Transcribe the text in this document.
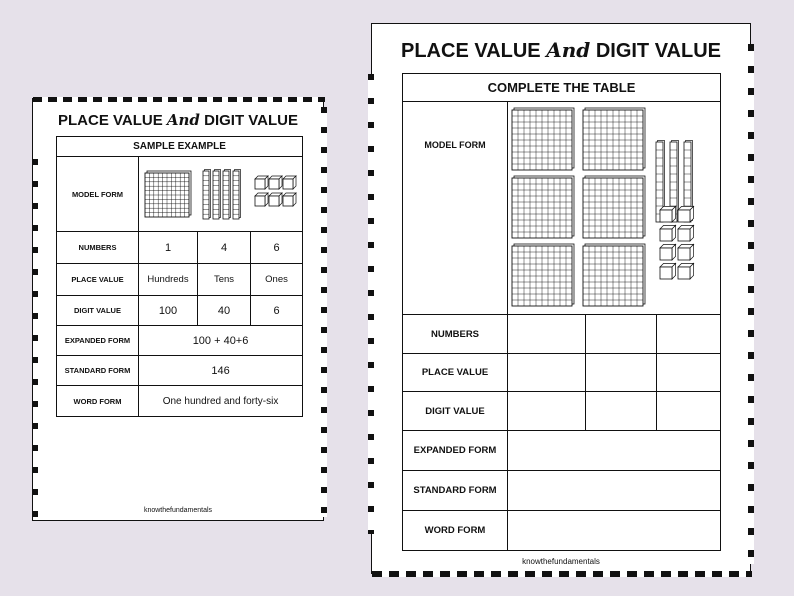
PLACE VALUE And DIGIT VALUE
SAMPLE EXAMPLE			
MODEL FORM	

NUMBERS	1	4	6
PLACE VALUE	Hundreds	Tens	Ones
DIGIT VALUE	100	40	6
EXPANDED FORM	100 + 40+6		
STANDARD FORM	146		
WORD FORM	One hundred and forty-six		
knowthefundamentals
PLACE VALUE And DIGIT VALUE
COMPLETE THE TABLE			
MODEL FORM	

NUMBERS			
PLACE VALUE			
DIGIT VALUE			
EXPANDED FORM			
STANDARD FORM			
WORD FORM			
knowthefundamentals
